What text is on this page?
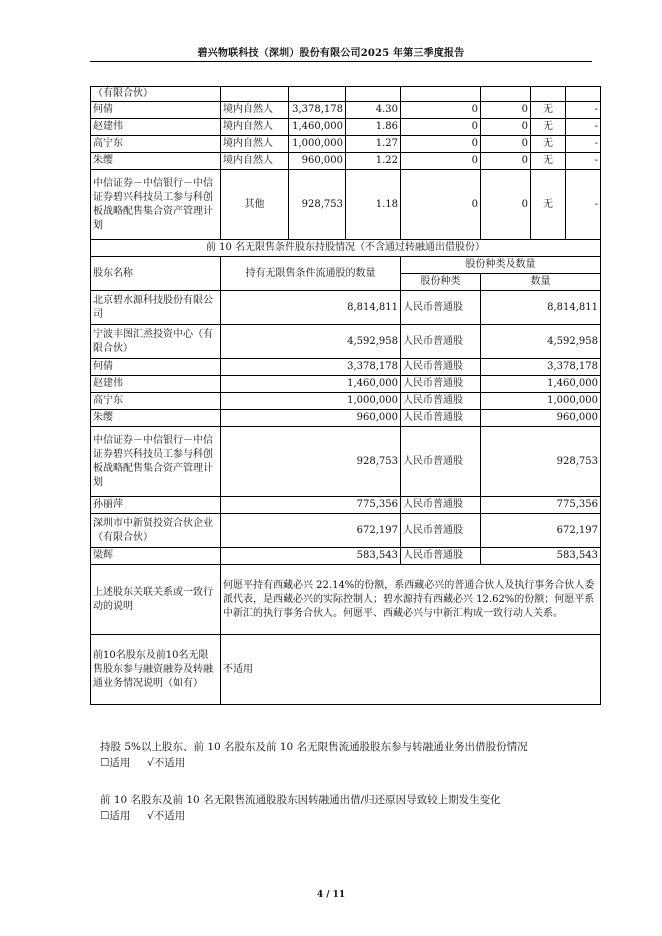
碧兴物联科技（深圳）股份有限公司2025 年第三季度报告
（有限合伙）							
何倩	境内自然人	3,378,178	4.30	0	0	无	-
赵建伟	境内自然人	1,460,000	1.86	0	0	无	-
高宁东	境内自然人	1,000,000	1.27	0	0	无	-
朱缨	境内自然人	960,000	1.22	0	0	无	-
中信证券－中信银行－中信证券碧兴科技员工参与科创板战略配售集合资产管理计划	其他	928,753	1.18	0	0	无	-
前 10 名无限售条件股东持股情况（不含通过转融通出借股份）							
股东名称	持有无限售条件流通股的数量			股份种类及数量			
				股份种类	数量		
北京碧水源科技股份有限公司	8,814,811			人民币普通股	8,814,811		
宁波丰图汇烝投资中心（有限合伙）	4,592,958			人民币普通股	4,592,958		
何倩	3,378,178			人民币普通股	3,378,178		
赵建伟	1,460,000			人民币普通股	1,460,000		
高宁东	1,000,000			人民币普通股	1,000,000		
朱缨	960,000			人民币普通股	960,000		
中信证券－中信银行－中信证券碧兴科技员工参与科创板战略配售集合资产管理计划	928,753			人民币普通股	928,753		
孙丽萍	775,356			人民币普通股	775,356		
深圳市中新贤投资合伙企业（有限合伙）	672,197			人民币普通股	672,197		
梁辉	583,543			人民币普通股	583,543		
上述股东关联关系或一致行动的说明	何愿平持有西藏必兴 22.14%的份额，系西藏必兴的普通合伙人及执行事务合伙人委派代表，是西藏必兴的实际控制人；碧水源持有西藏必兴 12.62%的份额；何愿平系中新汇的执行事务合伙人。何愿平、西藏必兴与中新汇构成一致行动人关系。						
前10名股东及前10名无限售股东参与融资融券及转融通业务情况说明（如有）	不适用						
持股 5%以上股东、前 10 名股东及前 10 名无限售流通股股东参与转融通业务出借股份情况
☐适用 √不适用
前 10 名股东及前 10 名无限售流通股股东因转融通出借/归还原因导致较上期发生变化
☐适用 √不适用
4 / 11
